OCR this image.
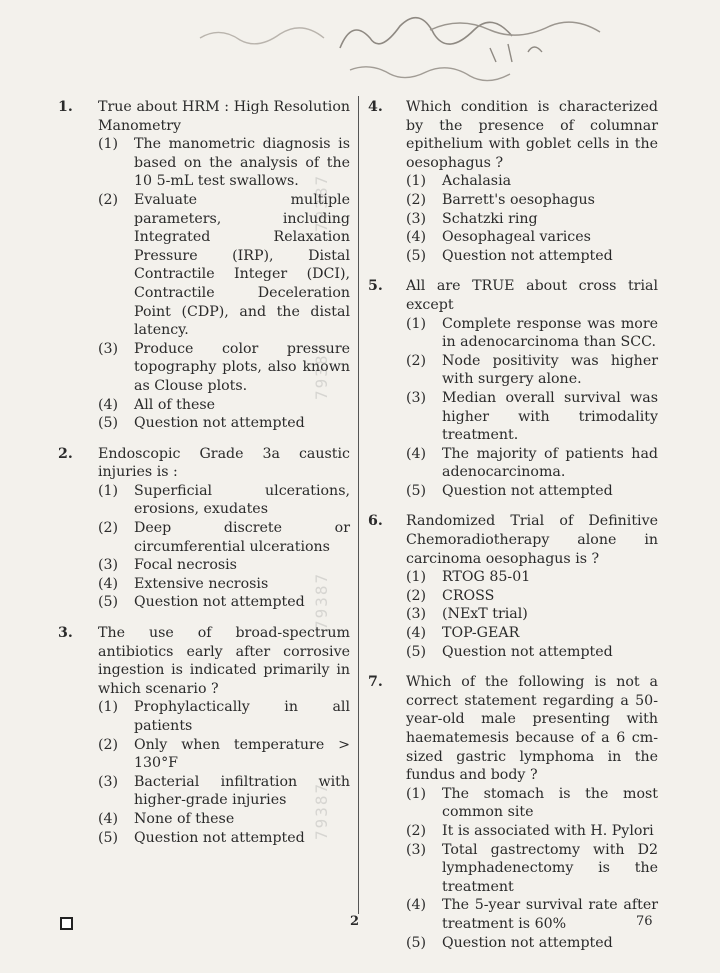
79387
79387
79387
79387
1. True about HRM : High Resolution Manometry
(1) The manometric diagnosis is based on the analysis of the 10 5-mL test swallows.
(2) Evaluate multiple parameters, including Integrated Relaxation Pressure (IRP), Distal Contractile Integer (DCI), Contractile Deceleration Point (CDP), and the distal latency.
(3) Produce color pressure topography plots, also known as Clouse plots.
(4) All of these
(5) Question not attempted
2. Endoscopic Grade 3a caustic injuries is :
(1) Superficial ulcerations, erosions, exudates
(2) Deep discrete or circumferential ulcerations
(3) Focal necrosis
(4) Extensive necrosis
(5) Question not attempted
3. The use of broad-spectrum antibiotics early after corrosive ingestion is indicated primarily in which scenario ?
(1) Prophylactically in all patients
(2) Only when temperature > 130°F
(3) Bacterial infiltration with higher-grade injuries
(4) None of these
(5) Question not attempted
4. Which condition is characterized by the presence of columnar epithelium with goblet cells in the oesophagus ?
(1) Achalasia
(2) Barrett's oesophagus
(3) Schatzki ring
(4) Oesophageal varices
(5) Question not attempted
5. All are TRUE about cross trial except
(1) Complete response was more in adenocarcinoma than SCC.
(2) Node positivity was higher with surgery alone.
(3) Median overall survival was higher with trimodality treatment.
(4) The majority of patients had adenocarcinoma.
(5) Question not attempted
6. Randomized Trial of Definitive Chemoradiotherapy alone in carcinoma oesophagus is ?
(1) RTOG 85-01
(2) CROSS
(3) (NExT trial)
(4) TOP-GEAR
(5) Question not attempted
7. Which of the following is not a correct statement regarding a 50-year-old male presenting with haematemesis because of a 6 cm-sized gastric lymphoma in the fundus and body ?
(1) The stomach is the most common site
(2) It is associated with H. Pylori
(3) Total gastrectomy with D2 lymphadenectomy is the treatment
(4) The 5-year survival rate after treatment is 60%
(5) Question not attempted
2	76
